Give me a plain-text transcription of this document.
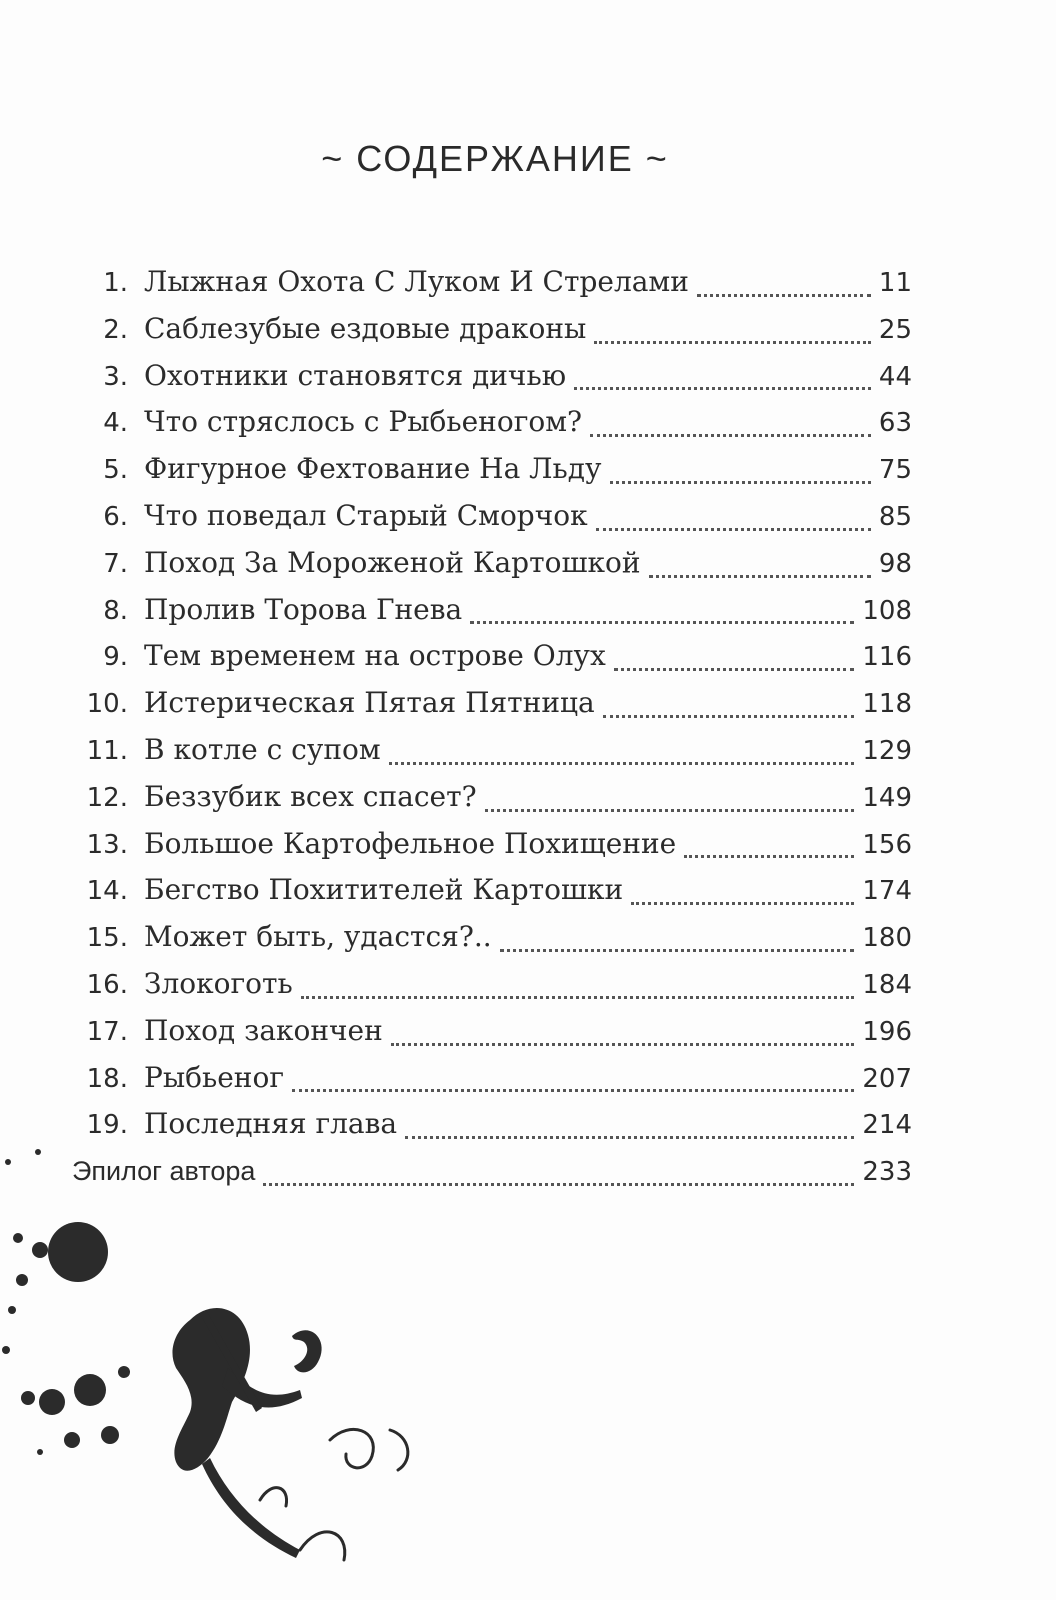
~ СОДЕРЖАНИЕ ~
1. Лыжная Охота С Луком И Стрелами	11
2. Саблезубые ездовые драконы	25
3. Охотники становятся дичью	44
4. Что стряслось с Рыбьеногом?	63
5. Фигурное Фехтование На Льду	75
6. Что поведал Старый Сморчок	85
7. Поход За Мороженой Картошкой	98
8. Пролив Торова Гнева	108
9. Тем временем на острове Олух	116
10. Истерическая Пятая Пятница	118
11. В котле с супом	129
12. Беззубик всех спасет?	149
13. Большое Картофельное Похищение	156
14. Бегство Похитителей Картошки	174
15. Может быть, удастся?..	180
16. Злокоготь	184
17. Поход закончен	196
18. Рыбьеног	207
19. Последняя глава	214
Эпилог автора	233
